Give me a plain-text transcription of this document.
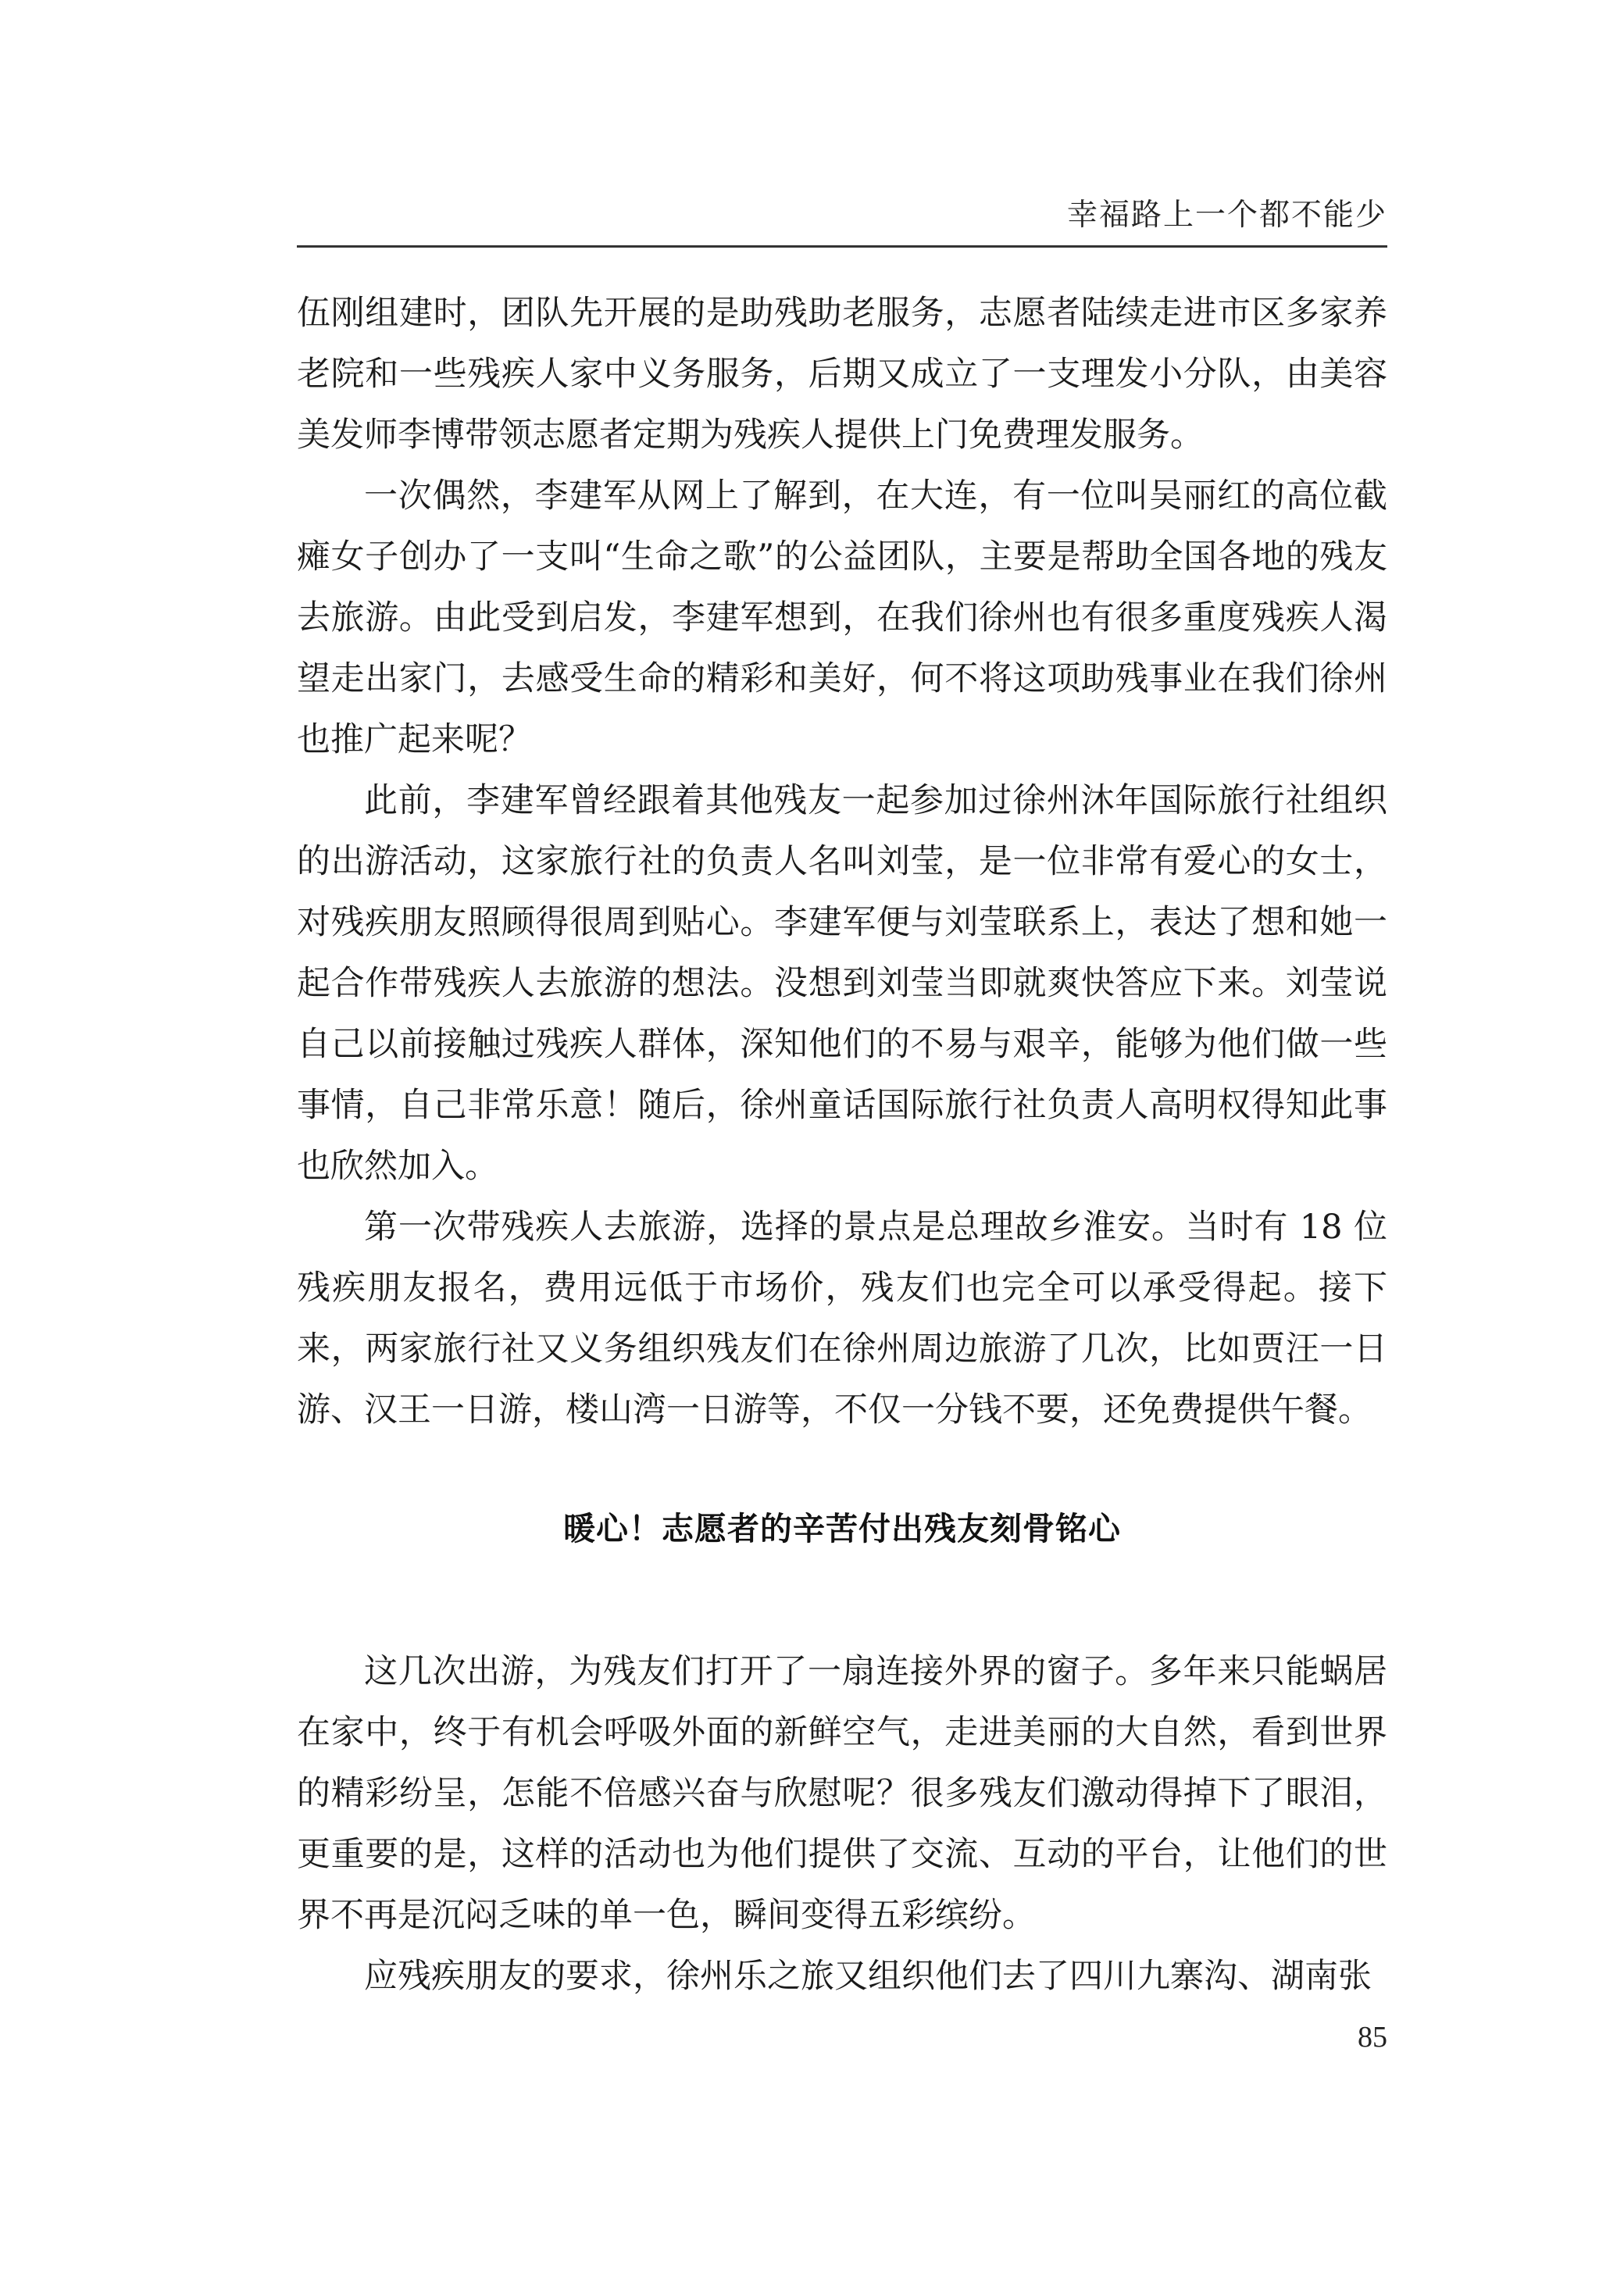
幸福路上一个都不能少

伍刚组建时，团队先开展的是助残助老服务，志愿者陆续走进市区多家养老院和一些残疾人家中义务服务，后期又成立了一支理发小分队，由美容美发师李博带领志愿者定期为残疾人提供上门免费理发服务。

一次偶然，李建军从网上了解到，在大连，有一位叫吴丽红的高位截瘫女子创办了一支叫“生命之歌”的公益团队，主要是帮助全国各地的残友去旅游。由此受到启发，李建军想到，在我们徐州也有很多重度残疾人渴望走出家门，去感受生命的精彩和美好，何不将这项助残事业在我们徐州也推广起来呢？

此前，李建军曾经跟着其他残友一起参加过徐州沐年国际旅行社组织的出游活动，这家旅行社的负责人名叫刘莹，是一位非常有爱心的女士，对残疾朋友照顾得很周到贴心。李建军便与刘莹联系上，表达了想和她一起合作带残疾人去旅游的想法。没想到刘莹当即就爽快答应下来。刘莹说自己以前接触过残疾人群体，深知他们的不易与艰辛，能够为他们做一些事情，自己非常乐意！随后，徐州童话国际旅行社负责人高明权得知此事也欣然加入。

第一次带残疾人去旅游，选择的景点是总理故乡淮安。当时有 18 位残疾朋友报名，费用远低于市场价，残友们也完全可以承受得起。接下来，两家旅行社又义务组织残友们在徐州周边旅游了几次，比如贾汪一日游、汉王一日游，楼山湾一日游等，不仅一分钱不要，还免费提供午餐。

暖心！志愿者的辛苦付出残友刻骨铭心

这几次出游，为残友们打开了一扇连接外界的窗子。多年来只能蜗居在家中，终于有机会呼吸外面的新鲜空气，走进美丽的大自然，看到世界的精彩纷呈，怎能不倍感兴奋与欣慰呢？很多残友们激动得掉下了眼泪，更重要的是，这样的活动也为他们提供了交流、互动的平台，让他们的世界不再是沉闷乏味的单一色，瞬间变得五彩缤纷。

应残疾朋友的要求，徐州乐之旅又组织他们去了四川九寨沟、湖南张

85
